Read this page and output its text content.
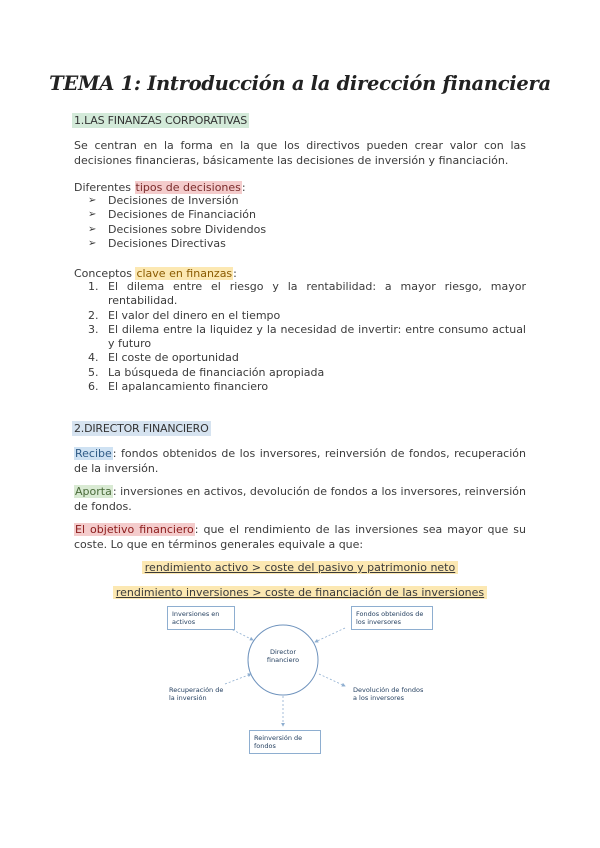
TEMA 1: Introducción a la dirección financiera
1.LAS FINANZAS CORPORATIVAS
Se centran en la forma en la que los directivos pueden crear valor con las decisiones financieras, básicamente las decisiones de inversión y financiación.
Diferentes tipos de decisiones:
➢ Decisiones de Inversión
➢ Decisiones de Financiación
➢ Decisiones sobre Dividendos
➢ Decisiones Directivas
Conceptos clave en finanzas:
1. El dilema entre el riesgo y la rentabilidad: a mayor riesgo, mayor rentabilidad.
2. El valor del dinero en el tiempo
3. El dilema entre la liquidez y la necesidad de invertir: entre consumo actual y futuro
4. El coste de oportunidad
5. La búsqueda de financiación apropiada
6. El apalancamiento financiero
2.DIRECTOR FINANCIERO
Recibe: fondos obtenidos de los inversores, reinversión de fondos, recuperación de la inversión.
Aporta: inversiones en activos, devolución de fondos a los inversores, reinversión de fondos.
El objetivo financiero: que el rendimiento de las inversiones sea mayor que su coste. Lo que en términos generales equivale a que:
rendimiento activo > coste del pasivo y patrimonio neto
rendimiento inversiones > coste de financiación de las inversiones
Inversiones en activos
Fondos obtenidos de los inversores
Recuperación de la inversión
Devolución de fondos a los inversores
Reinversión de fondos
Director
financiero
